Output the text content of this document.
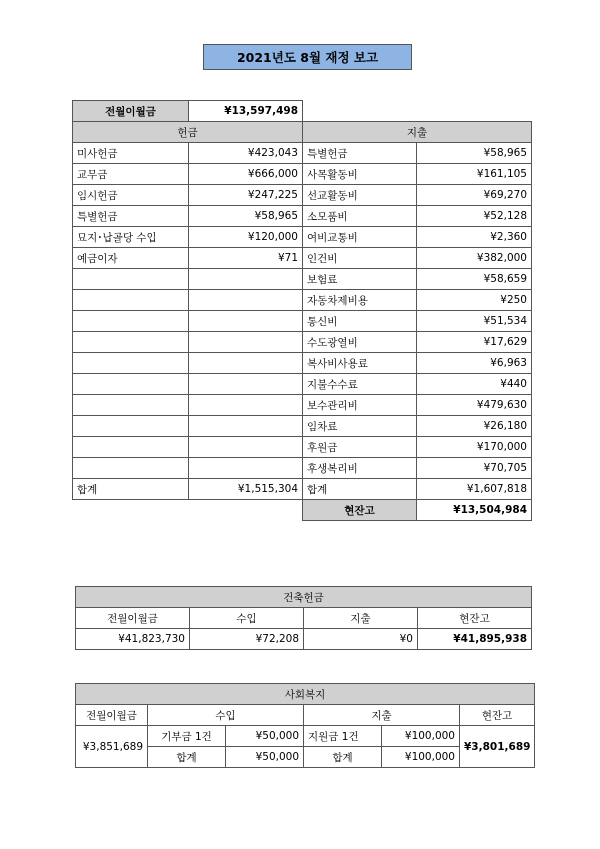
2021년도 8월 재정 보고
전월이월금	¥13,597,498		
헌금		지출	
미사헌금	¥423,043	특별헌금	¥58,965
교무금	¥666,000	사목활동비	¥161,105
임시헌금	¥247,225	선교활동비	¥69,270
특별헌금	¥58,965	소모품비	¥52,128
묘지･납골당 수입	¥120,000	여비교통비	¥2,360
예금이자	¥71	인건비	¥382,000
		보험료	¥58,659
		자동차제비용	¥250
		통신비	¥51,534
		수도광열비	¥17,629
		복사비사용료	¥6,963
		지불수수료	¥440
		보수관리비	¥479,630
		임차료	¥26,180
		후원금	¥170,000
		후생복리비	¥70,705
합계	¥1,515,304	합계	¥1,607,818
		현잔고	¥13,504,984
건축헌금			
전월이월금	수입	지출	현잔고
¥41,823,730	¥72,208	¥0	¥41,895,938
사회복지					
전월이월금	수입		지출		현잔고
¥3,851,689	기부금 1건	¥50,000	지원금 1건	¥100,000	¥3,801,689
	합계	¥50,000	합계	¥100,000	
